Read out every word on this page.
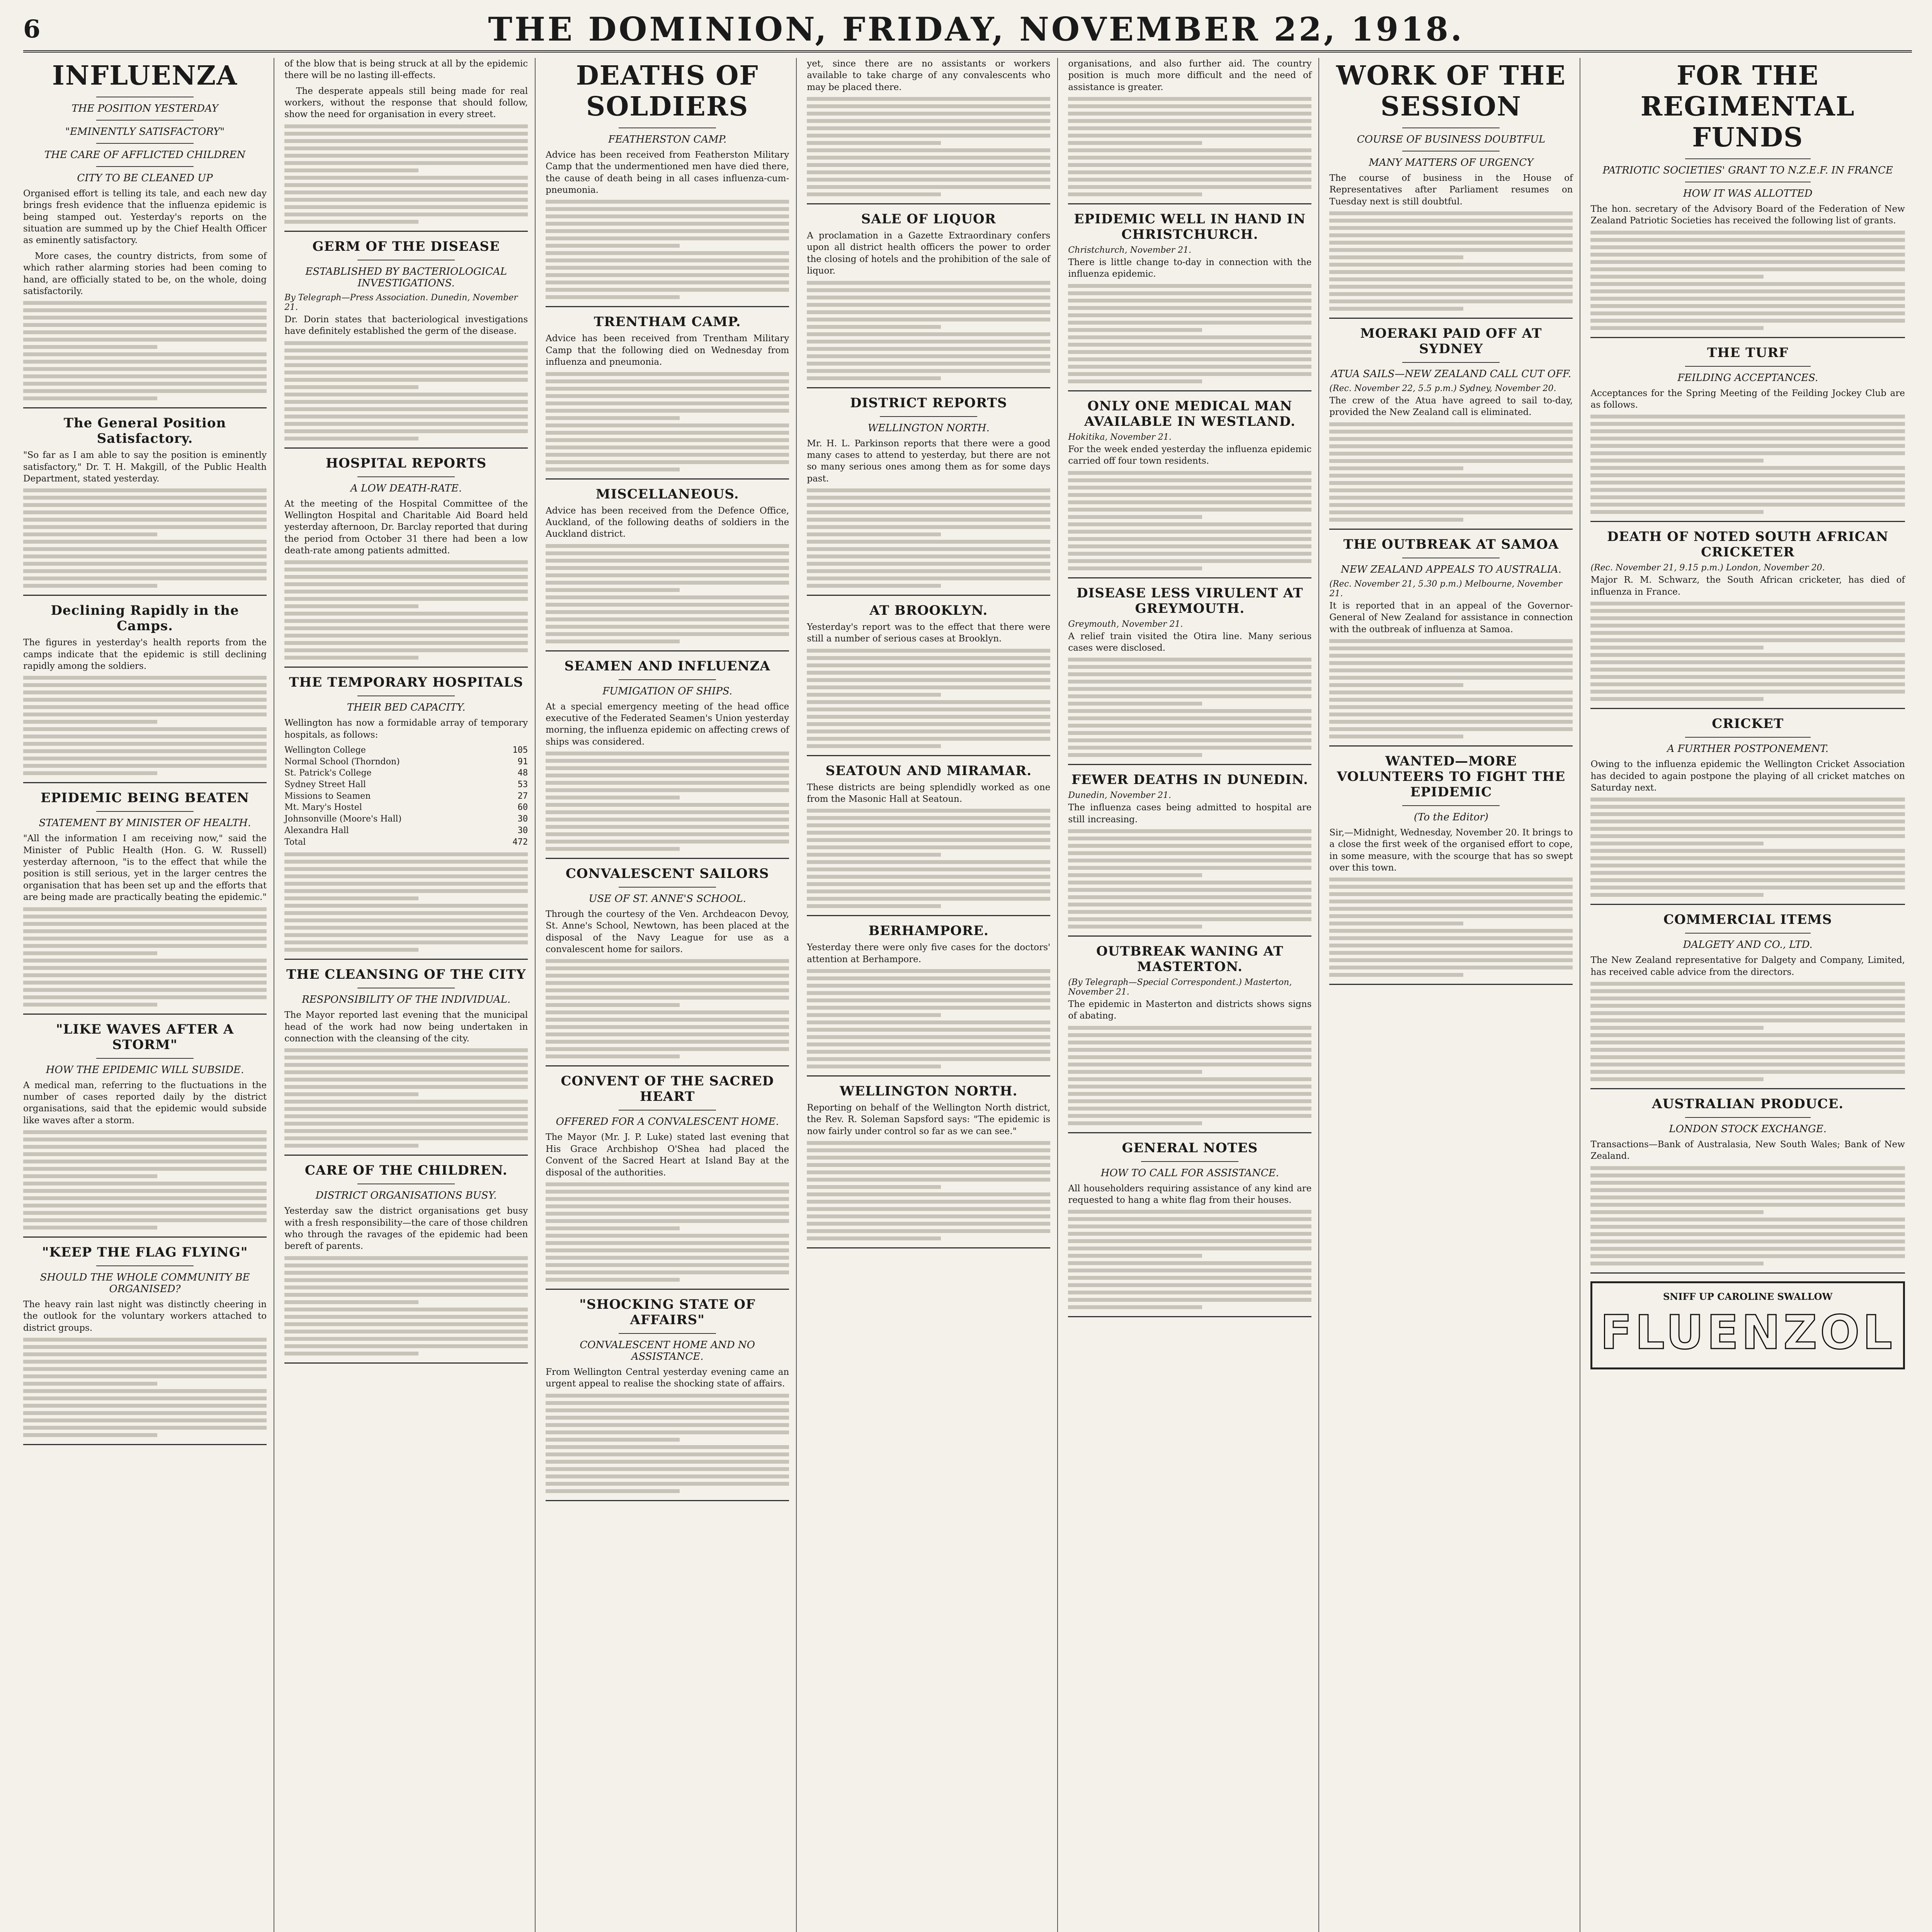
6	THE DOMINION, FRIDAY, NOVEMBER 22, 1918.
INFLUENZA
THE POSITION YESTERDAY
"EMINENTLY SATISFACTORY"
THE CARE OF AFFLICTED CHILDREN
CITY TO BE CLEANED UP

Organised effort is telling its tale, and each new day brings fresh evidence that the influenza epidemic is being stamped out. Yesterday's reports on the situation are summed up by the Chief Health Officer as eminently satisfactory.

More cases, the country districts, from some of which rather alarming stories had been coming to hand, are officially stated to be, on the whole, doing satisfactorily.

The General Position Satisfactory.

"So far as I am able to say the position is eminently satisfactory," Dr. T. H. Makgill, of the Public Health Department, stated yesterday.

Declining Rapidly in the Camps.

The figures in yesterday's health reports from the camps indicate that the epidemic is still declining rapidly among the soldiers.

EPIDEMIC BEING BEATEN
STATEMENT BY MINISTER OF HEALTH.

"All the information I am receiving now," said the Minister of Public Health (Hon. G. W. Russell) yesterday afternoon, "is to the effect that while the position is still serious, yet in the larger centres the organisation that has been set up and the efforts that are being made are practically beating the epidemic."

"LIKE WAVES AFTER A STORM"
HOW THE EPIDEMIC WILL SUBSIDE.

A medical man, referring to the fluctuations in the number of cases reported daily by the district organisations, said that the epidemic would subside like waves after a storm.

"KEEP THE FLAG FLYING"
SHOULD THE WHOLE COMMUNITY BE ORGANISED?

The heavy rain last night was distinctly cheering in the outlook for the voluntary workers attached to district groups.

of the blow that is being struck at all by the epidemic there will be no lasting ill-effects.

The desperate appeals still being made for real workers, without the response that should follow, show the need for organisation in every street.

GERM OF THE DISEASE
ESTABLISHED BY BACTERIOLOGICAL INVESTIGATIONS.
By Telegraph—Press Association. Dunedin, November 21.

Dr. Dorin states that bacteriological investigations have definitely established the germ of the disease.

HOSPITAL REPORTS
A LOW DEATH-RATE.

At the meeting of the Hospital Committee of the Wellington Hospital and Charitable Aid Board held yesterday afternoon, Dr. Barclay reported that during the period from October 31 there had been a low death-rate among patients admitted.

THE TEMPORARY HOSPITALS
THEIR BED CAPACITY.

Wellington has now a formidable array of temporary hospitals, as follows:

Wellington College	105
Normal School (Thorndon)	91
St. Patrick's College	48
Sydney Street Hall	53
Missions to Seamen	27
Mt. Mary's Hostel	60
Johnsonville (Moore's Hall)	30
Alexandra Hall	30
Total	472
THE CLEANSING OF THE CITY
RESPONSIBILITY OF THE INDIVIDUAL.

The Mayor reported last evening that the municipal head of the work had now being undertaken in connection with the cleansing of the city.

CARE OF THE CHILDREN.
DISTRICT ORGANISATIONS BUSY.

Yesterday saw the district organisations get busy with a fresh responsibility—the care of those children who through the ravages of the epidemic had been bereft of parents.

DEATHS OF SOLDIERS
FEATHERSTON CAMP.

Advice has been received from Featherston Military Camp that the undermentioned men have died there, the cause of death being in all cases influenza-cum-pneumonia.

TRENTHAM CAMP.

Advice has been received from Trentham Military Camp that the following died on Wednesday from influenza and pneumonia.

MISCELLANEOUS.

Advice has been received from the Defence Office, Auckland, of the following deaths of soldiers in the Auckland district.

SEAMEN AND INFLUENZA
FUMIGATION OF SHIPS.

At a special emergency meeting of the head office executive of the Federated Seamen's Union yesterday morning, the influenza epidemic on affecting crews of ships was considered.

CONVALESCENT SAILORS
USE OF ST. ANNE'S SCHOOL.

Through the courtesy of the Ven. Archdeacon Devoy, St. Anne's School, Newtown, has been placed at the disposal of the Navy League for use as a convalescent home for sailors.

CONVENT OF THE SACRED HEART
OFFERED FOR A CONVALESCENT HOME.

The Mayor (Mr. J. P. Luke) stated last evening that His Grace Archbishop O'Shea had placed the Convent of the Sacred Heart at Island Bay at the disposal of the authorities.

"SHOCKING STATE OF AFFAIRS"
CONVALESCENT HOME AND NO ASSISTANCE.

From Wellington Central yesterday evening came an urgent appeal to realise the shocking state of affairs.

yet, since there are no assistants or workers available to take charge of any convalescents who may be placed there.

SALE OF LIQUOR

A proclamation in a Gazette Extraordinary confers upon all district health officers the power to order the closing of hotels and the prohibition of the sale of liquor.

DISTRICT REPORTS
WELLINGTON NORTH.

Mr. H. L. Parkinson reports that there were a good many cases to attend to yesterday, but there are not so many serious ones among them as for some days past.

AT BROOKLYN.

Yesterday's report was to the effect that there were still a number of serious cases at Brooklyn.

SEATOUN AND MIRAMAR.

These districts are being splendidly worked as one from the Masonic Hall at Seatoun.

BERHAMPORE.

Yesterday there were only five cases for the doctors' attention at Berhampore.

WELLINGTON NORTH.

Reporting on behalf of the Wellington North district, the Rev. R. Soleman Sapsford says: "The epidemic is now fairly under control so far as we can see."

organisations, and also further aid. The country position is much more difficult and the need of assistance is greater.

EPIDEMIC WELL IN HAND IN CHRISTCHURCH.
Christchurch, November 21.

There is little change to-day in connection with the influenza epidemic.

ONLY ONE MEDICAL MAN AVAILABLE IN WESTLAND.
Hokitika, November 21.

For the week ended yesterday the influenza epidemic carried off four town residents.

DISEASE LESS VIRULENT AT GREYMOUTH.
Greymouth, November 21.

A relief train visited the Otira line. Many serious cases were disclosed.

FEWER DEATHS IN DUNEDIN.
Dunedin, November 21.

The influenza cases being admitted to hospital are still increasing.

OUTBREAK WANING AT MASTERTON.
(By Telegraph—Special Correspondent.) Masterton, November 21.

The epidemic in Masterton and districts shows signs of abating.

GENERAL NOTES
HOW TO CALL FOR ASSISTANCE.

All householders requiring assistance of any kind are requested to hang a white flag from their houses.

WORK OF THE SESSION
COURSE OF BUSINESS DOUBTFUL
MANY MATTERS OF URGENCY

The course of business in the House of Representatives after Parliament resumes on Tuesday next is still doubtful.

MOERAKI PAID OFF AT SYDNEY
ATUA SAILS—NEW ZEALAND CALL CUT OFF.
(Rec. November 22, 5.5 p.m.) Sydney, November 20.

The crew of the Atua have agreed to sail to-day, provided the New Zealand call is eliminated.

THE OUTBREAK AT SAMOA
NEW ZEALAND APPEALS TO AUSTRALIA.
(Rec. November 21, 5.30 p.m.) Melbourne, November 21.

It is reported that in an appeal of the Governor-General of New Zealand for assistance in connection with the outbreak of influenza at Samoa.

WANTED—MORE VOLUNTEERS TO FIGHT THE EPIDEMIC
(To the Editor)

Sir,—Midnight, Wednesday, November 20. It brings to a close the first week of the organised effort to cope, in some measure, with the scourge that has so swept over this town.

FOR THE REGIMENTAL FUNDS
PATRIOTIC SOCIETIES' GRANT TO N.Z.E.F. IN FRANCE
HOW IT WAS ALLOTTED

The hon. secretary of the Advisory Board of the Federation of New Zealand Patriotic Societies has received the following list of grants.

THE TURF
FEILDING ACCEPTANCES.

Acceptances for the Spring Meeting of the Feilding Jockey Club are as follows.

DEATH OF NOTED SOUTH AFRICAN CRICKETER
(Rec. November 21, 9.15 p.m.) London, November 20.

Major R. M. Schwarz, the South African cricketer, has died of influenza in France.

CRICKET
A FURTHER POSTPONEMENT.

Owing to the influenza epidemic the Wellington Cricket Association has decided to again postpone the playing of all cricket matches on Saturday next.

COMMERCIAL ITEMS
DALGETY AND CO., LTD.

The New Zealand representative for Dalgety and Company, Limited, has received cable advice from the directors.

AUSTRALIAN PRODUCE.
LONDON STOCK EXCHANGE.

Transactions—Bank of Australasia, New South Wales; Bank of New Zealand.

SNIFF UP CAROLINE SWALLOW
FLUENZOL
